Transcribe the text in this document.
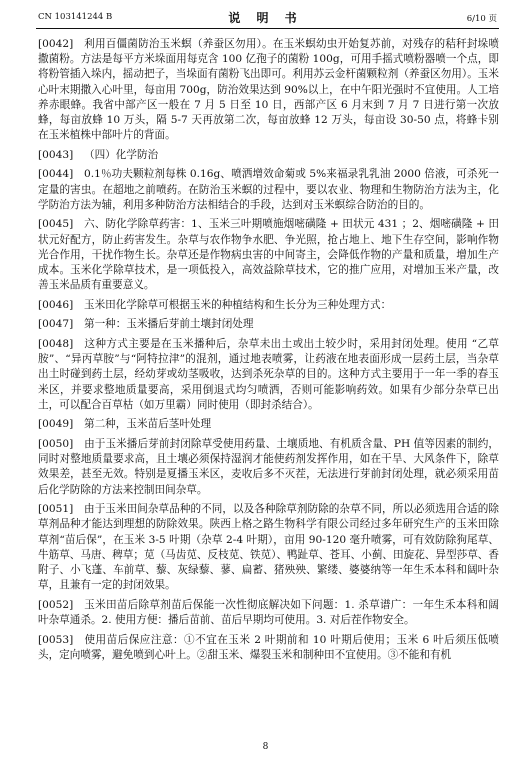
CN 103141244 B	说 明 书	6/10 页

[0042] 利用百僵菌防治玉米螟（养蚕区勿用）。在玉米螟幼虫开始复苏前，对残存的秸秆封垛喷撒菌粉。方法是每平方米垛面用每克含 100 亿孢子的菌粉 100g，可用手摇式喷粉器喷一个点，即将粉管插入垛内，摇动把子，当垛面有菌粉飞出即可。利用苏云金杆菌颗粒剂（养蚕区勿用）。玉米心叶末期撒入心叶里，每亩用 700g，防治效果达到 90%以上，在中午阳光强时不宜使用。人工培养赤眼蜂。我省中部产区一般在 7 月 5 日至 10 日，西部产区 6 月末到 7 月 7 日进行第一次放蜂，每亩放蜂 10 万头，隔 5-7 天再放第二次，每亩放蜂 12 万头，每亩设 30-50 点，将蜂卡别在玉米植株中部叶片的背面。

[0043] （四）化学防治

[0044] 0.1％功夫颗粒剂每株 0.16g、喷洒增效命菊或 5%来福录乳乳油 2000 倍液，可杀死一定量的害虫。在超地之前喷药。在防治玉米螟的过程中，要以农业、物理和生物防治方法为主，化学防治方法为辅，利用多种防治方法相结合的手段，达到对玉米螟综合防治的目的。

[0045] 六、防化学除草药害：1、玉米三叶期喷施烟嘧磺隆 + 田状元 431 ；2、烟嘧磺隆 + 田状元好配方，防止药害发生。杂草与农作物争水肥、争光照，抢占地上、地下生存空间，影响作物光合作用，干扰作物生长。杂草还是作物病虫害的中间寄主，会降低作物的产量和质量，增加生产成本。玉米化学除草技术，是一项低投入，高效益除草技术，它的推广应用，对增加玉米产量，改善玉米品质有重要意义。

[0046] 玉米田化学除草可根据玉米的种植结构和生长分为三种处理方式：

[0047] 第一种：玉米播后芽前土壤封闭处理

[0048] 这种方式主要是在玉米播种后，杂草未出土或出土较少时，采用封闭处理。使用 “乙草胺”、“异丙草胺”与“阿特拉津”的混剂，通过地表喷雾，让药液在地表面形成一层药土层，当杂草出土时碰到药土层，经幼芽或幼茎吸收，达到杀死杂草的目的。这种方式主要用于一年一季的春玉米区，并要求整地质量要高，采用倒退式均匀喷洒，否则可能影响药效。如果有少部分杂草已出土，可以配合百草枯（如万里霸）同时使用（即封杀结合）。

[0049] 第二种，玉米苗后茎叶处理

[0050] 由于玉米播后芽前封闭除草受使用药量、土壤质地、有机质含量、PH 值等因素的制约，同时对整地质量要求高，且土壤必须保持湿润才能使药剂发挥作用，如在干旱、大风条件下，除草效果差，甚至无效。特别是夏播玉米区，麦收后多不灭茬，无法进行芽前封闭处理，就必须采用苗后化学防除的方法来控制田间杂草。

[0051] 由于玉米田间杂草品种的不同，以及各种除草剂防除的杂草不同，所以必须选用合适的除草剂品种才能达到理想的防除效果。陕西上格之路生物科学有限公司经过多年研究生产的玉米田除草剂“苗后保”，在玉米 3-5 叶期（杂草 2-4 叶期），亩用 90-120 毫升喷雾，可有效防除狗尾草、牛筋草、马唐、稗草；苋（马齿苋、反枝苋、铁苋）、鸭趾草、苍耳、小蓟、田旋花、异型莎草、香附子、小飞蓬、车前草、藜、灰绿藜、蓼、扁蓄、猪殃殃、繁缕、婆婆纳等一年生禾本科和阔叶杂草，且兼有一定的封闭效果。

[0052] 玉米田苗后除草剂苗后保能一次性彻底解决如下问题：1. 杀草谱广：一年生禾本科和阔叶杂草通杀。2. 使用方便：播后苗前、苗后早期均可使用。3. 对后茬作物安全。

[0053] 使用苗后保应注意：①不宜在玉米 2 叶期前和 10 叶期后使用；玉米 6 叶后须压低喷头，定向喷雾，避免喷到心叶上。②甜玉米、爆裂玉米和制种田不宜使用。③不能和有机

8
